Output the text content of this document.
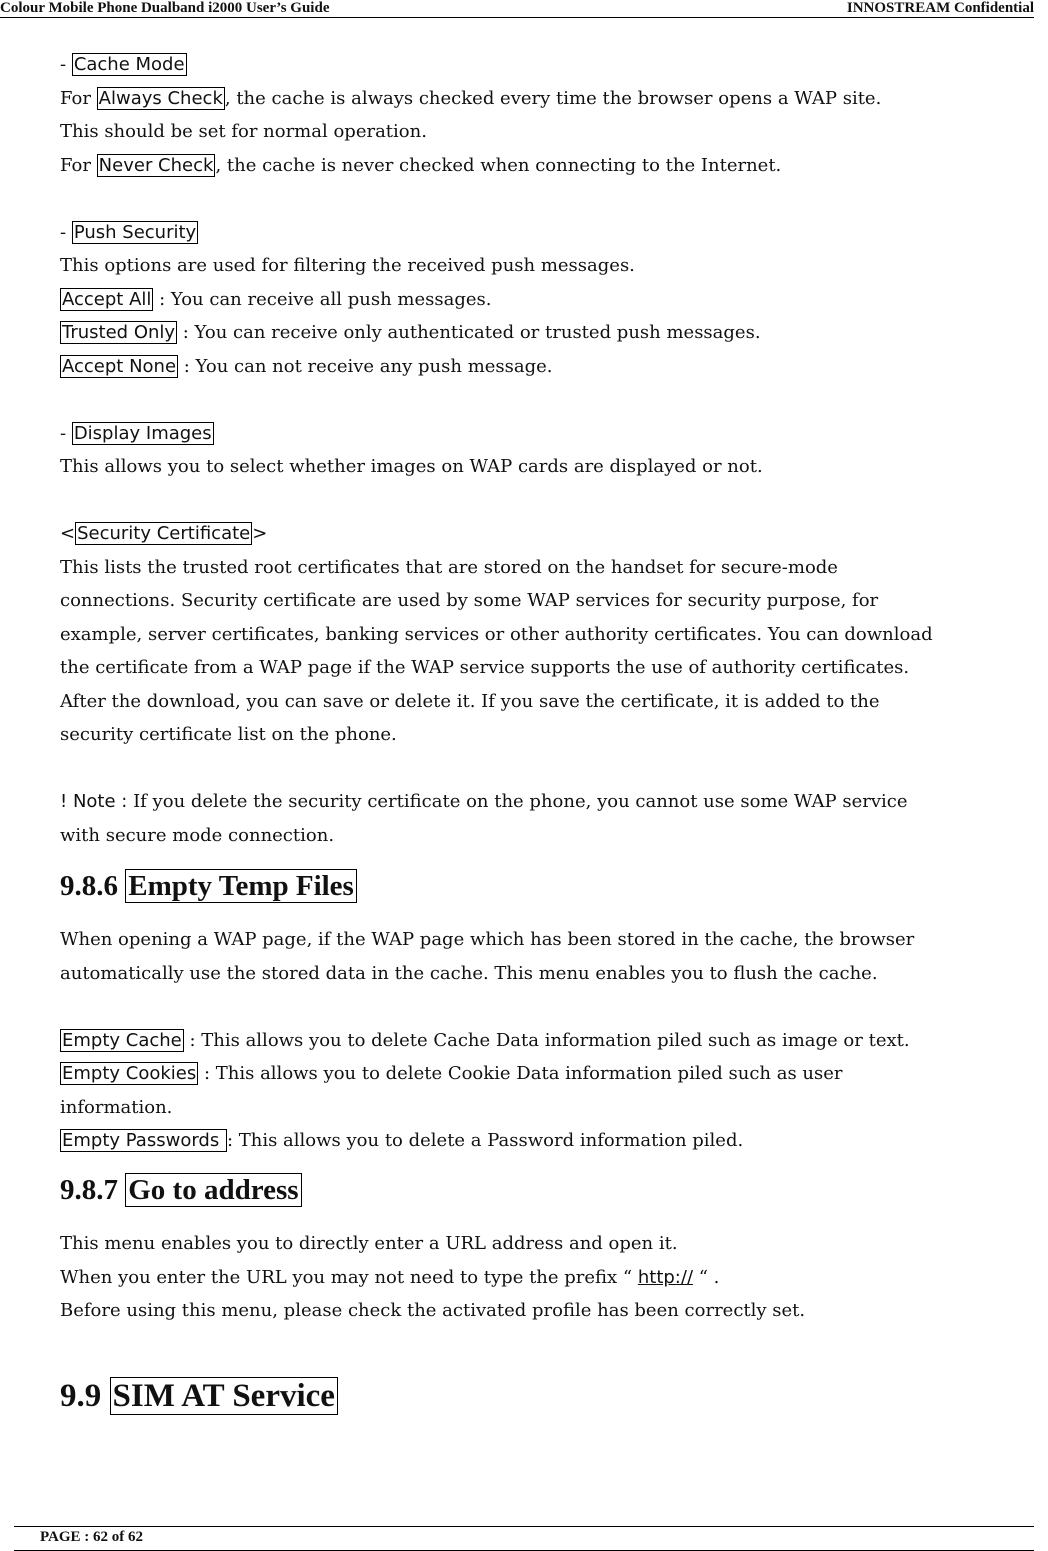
Colour Mobile Phone Dualband i2000 User’s Guide	INNOSTREAM Confidential

- Cache Mode

For Always Check , the cache is always checked every time the browser opens a WAP site.

This should be set for normal operation.

For Never Check , the cache is never checked when connecting to the Internet.

- Push Security

This options are used for filtering the received push messages.

Accept All : You can receive all push messages.

Trusted Only : You can receive only authenticated or trusted push messages.

Accept None : You can not receive any push message.

- Display Images

This allows you to select whether images on WAP cards are displayed or not.

< Security Certificate >

This lists the trusted root certificates that are stored on the handset for secure-mode

connections. Security certificate are used by some WAP services for security purpose, for

example, server certificates, banking services or other authority certificates. You can download

the certificate from a WAP page if the WAP service supports the use of authority certificates.

After the download, you can save or delete it. If you save the certificate, it is added to the

security certificate list on the phone.

! Note : If you delete the security certificate on the phone, you cannot use some WAP service

with secure mode connection.

9.8.6 Empty Temp Files

When opening a WAP page, if the WAP page which has been stored in the cache, the browser

automatically use the stored data in the cache. This menu enables you to flush the cache.

Empty Cache : This allows you to delete Cache Data information piled such as image or text.

Empty Cookies : This allows you to delete Cookie Data information piled such as user

information.

Empty Passwords : This allows you to delete a Password information piled.

9.8.7 Go to address

This menu enables you to directly enter a URL address and open it.

When you enter the URL you may not need to type the prefix “ http:// “ .

Before using this menu, please check the activated profile has been correctly set.

9.9 SIM AT Service
PAGE : 62 of 62
